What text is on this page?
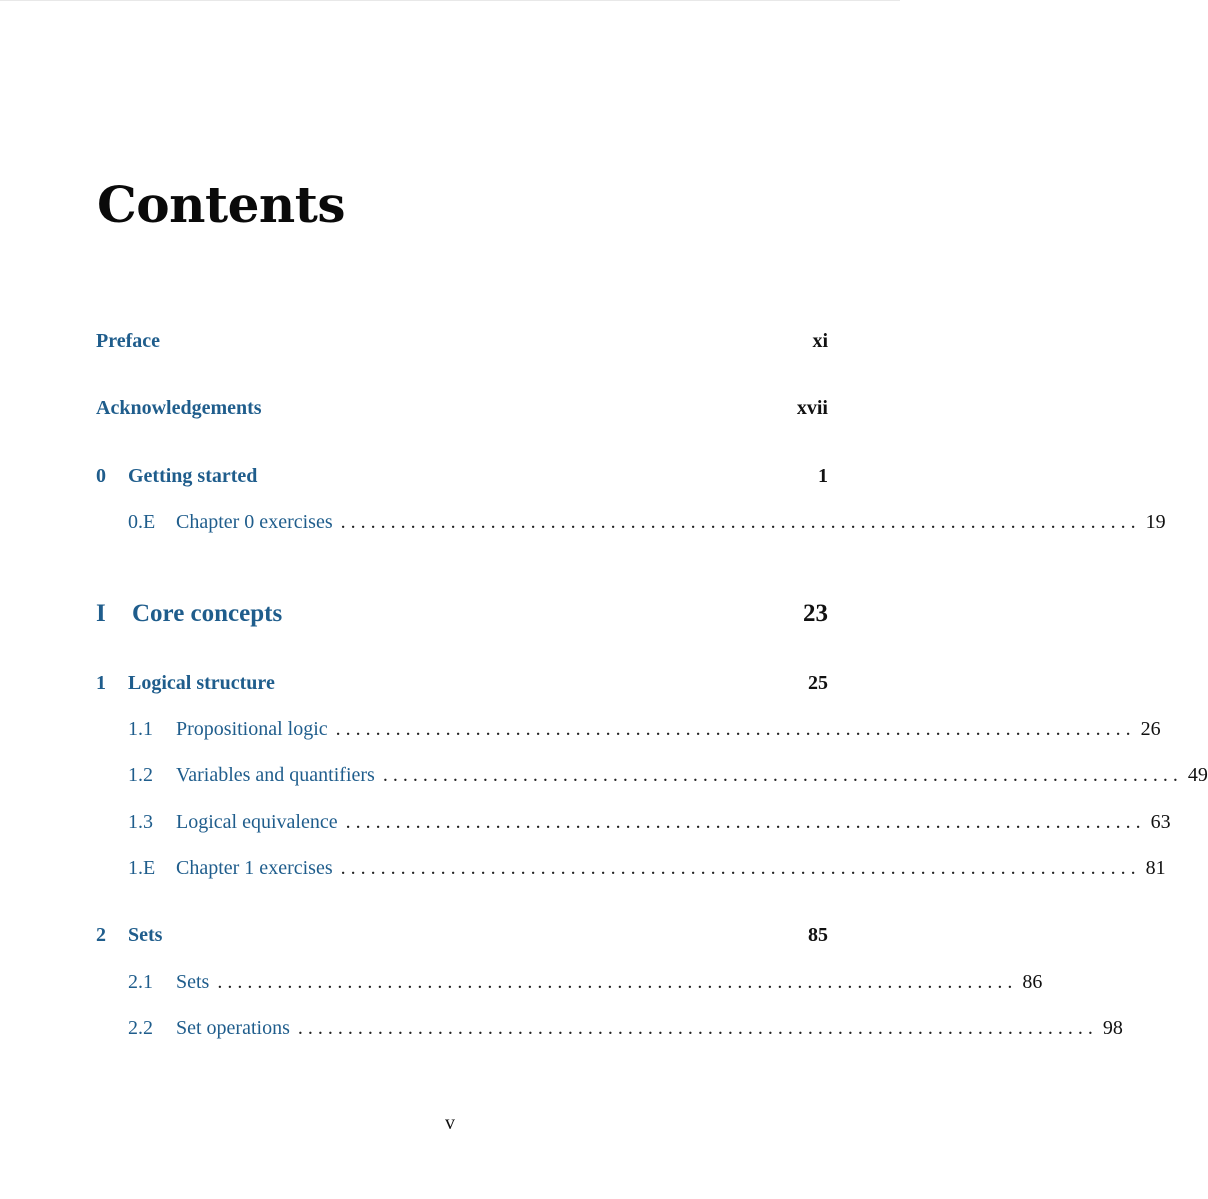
Contents
Preface	xi
Acknowledgements	xvii
0	Getting started	1
0.E	Chapter 0 exercises . . . . . . . . . . . . . . . . . . . . . . . . . . . . . . . . . . . . . . . . . . . . . . . . . . . . . . . . . . . . . . . . . . . . . . . . . . . . . . . . 19
I	Core concepts	23
1	Logical structure	25
1.1	Propositional logic . . . . . . . . . . . . . . . . . . . . . . . . . . . . . . . . . . . . . . . . . . . . . . . . . . . . . . . . . . . . . . . . . . . . . . . . . . . . . . . . 26
1.2	Variables and quantifiers . . . . . . . . . . . . . . . . . . . . . . . . . . . . . . . . . . . . . . . . . . . . . . . . . . . . . . . . . . . . . . . . . . . . . . . . . . . . . . . . 49
1.3	Logical equivalence . . . . . . . . . . . . . . . . . . . . . . . . . . . . . . . . . . . . . . . . . . . . . . . . . . . . . . . . . . . . . . . . . . . . . . . . . . . . . . . . 63
1.E	Chapter 1 exercises . . . . . . . . . . . . . . . . . . . . . . . . . . . . . . . . . . . . . . . . . . . . . . . . . . . . . . . . . . . . . . . . . . . . . . . . . . . . . . . . 81
2	Sets	85
2.1	Sets . . . . . . . . . . . . . . . . . . . . . . . . . . . . . . . . . . . . . . . . . . . . . . . . . . . . . . . . . . . . . . . . . . . . . . . . . . . . . . . . 86
2.2	Set operations . . . . . . . . . . . . . . . . . . . . . . . . . . . . . . . . . . . . . . . . . . . . . . . . . . . . . . . . . . . . . . . . . . . . . . . . . . . . . . . . 98
v
